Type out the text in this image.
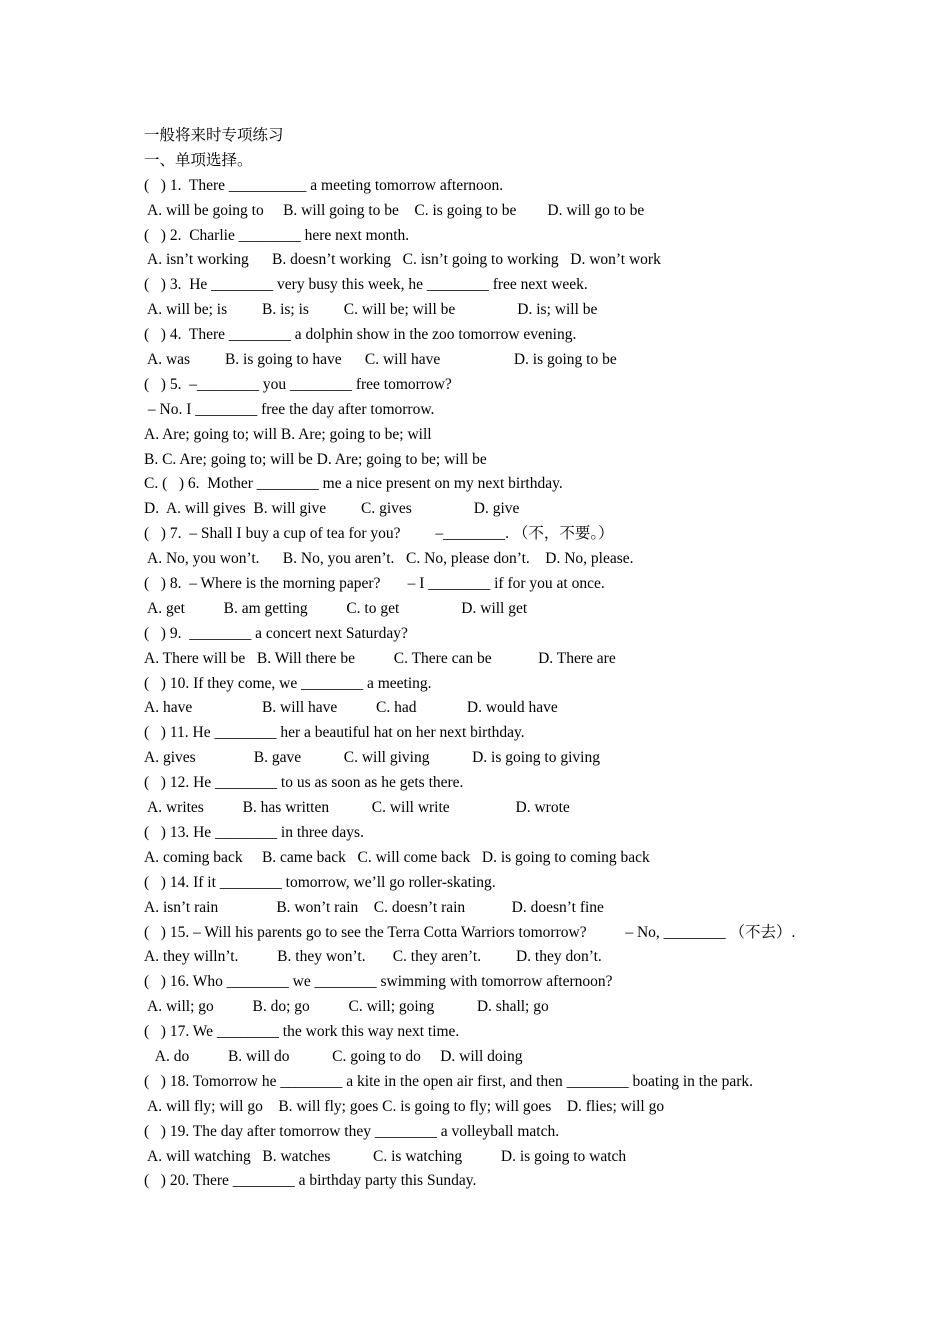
一般将来时专项练习
一、单项选择。
(   ) 1.  There __________ a meeting tomorrow afternoon.
A. will be going to     B. will going to be    C. is going to be        D. will go to be
(   ) 2.  Charlie ________ here next month.
A. isn’t working      B. doesn’t working   C. isn’t going to working   D. won’t work
(   ) 3.  He ________ very busy this week, he ________ free next week.
A. will be; is         B. is; is         C. will be; will be                D. is; will be
(   ) 4.  There ________ a dolphin show in the zoo tomorrow evening.
A. was         B. is going to have      C. will have                   D. is going to be
(   ) 5.  –________ you ________ free tomorrow?
– No. I ________ free the day after tomorrow.
A. Are; going to; will B. Are; going to be; will
B. C. Are; going to; will be D. Are; going to be; will be
C. (   ) 6.  Mother ________ me a nice present on my next birthday.
D.  A. will gives  B. will give         C. gives                D. give
(   ) 7.  – Shall I buy a cup of tea for you?         –________. （不，不要。）
A. No, you won’t.      B. No, you aren’t.   C. No, please don’t.    D. No, please.
(   ) 8.  – Where is the morning paper?       – I ________ if for you at once.
A. get          B. am getting          C. to get                D. will get
(   ) 9.  ________ a concert next Saturday?
A. There will be   B. Will there be          C. There can be            D. There are
(   ) 10. If they come, we ________ a meeting.
A. have                  B. will have          C. had             D. would have
(   ) 11. He ________ her a beautiful hat on her next birthday.
A. gives               B. gave           C. will giving           D. is going to giving
(   ) 12. He ________ to us as soon as he gets there.
A. writes          B. has written           C. will write                 D. wrote
(   ) 13. He ________ in three days.
A. coming back     B. came back   C. will come back   D. is going to coming back
(   ) 14. If it ________ tomorrow, we’ll go roller-skating.
A. isn’t rain               B. won’t rain    C. doesn’t rain            D. doesn’t fine
(   ) 15. – Will his parents go to see the Terra Cotta Warriors tomorrow?          – No, ________ （不去）.
A. they willn’t.          B. they won’t.       C. they aren’t.         D. they don’t.
(   ) 16. Who ________ we ________ swimming with tomorrow afternoon?
A. will; go          B. do; go          C. will; going           D. shall; go
(   ) 17. We ________ the work this way next time.
A. do          B. will do           C. going to do     D. will doing
(   ) 18. Tomorrow he ________ a kite in the open air first, and then ________ boating in the park.
A. will fly; will go    B. will fly; goes C. is going to fly; will goes    D. flies; will go
(   ) 19. The day after tomorrow they ________ a volleyball match.
A. will watching   B. watches           C. is watching          D. is going to watch
(   ) 20. There ________ a birthday party this Sunday.
